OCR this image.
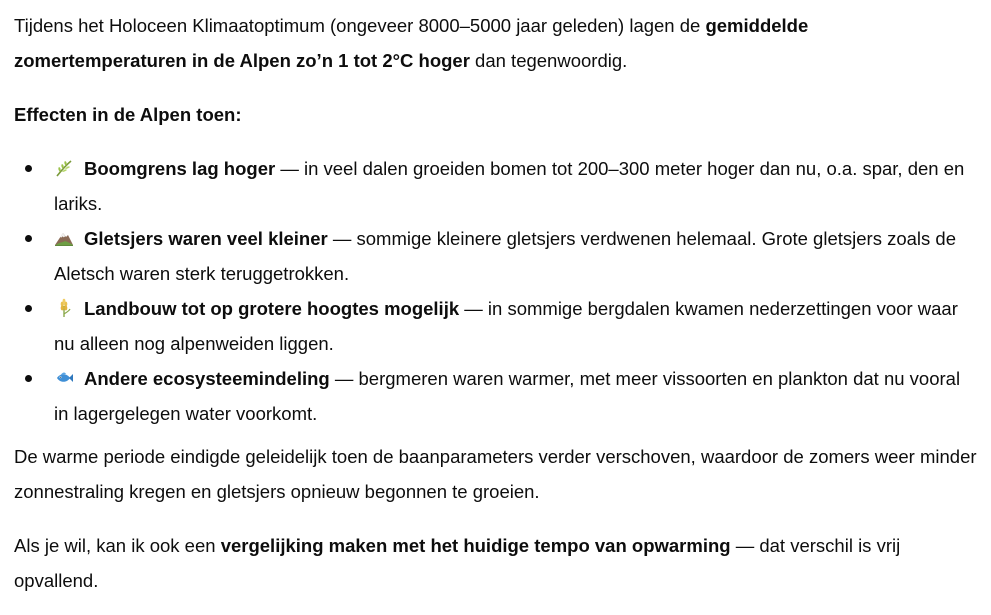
Tijdens het Holoceen Klimaatoptimum (ongeveer 8000–5000 jaar geleden) lagen de gemiddelde zomertemperaturen in de Alpen zo’n 1 tot 2°C hoger dan tegenwoordig.

Effecten in de Alpen toen:

Boomgrens lag hoger — in veel dalen groeiden bomen tot 200–300 meter hoger dan nu, o.a. spar, den en lariks.
Gletsjers waren veel kleiner — sommige kleinere gletsjers verdwenen helemaal. Grote gletsjers zoals de Aletsch waren sterk teruggetrokken.
Landbouw tot op grotere hoogtes mogelijk — in sommige bergdalen kwamen nederzettingen voor waar nu alleen nog alpenweiden liggen.
Andere ecosysteemindeling — bergmeren waren warmer, met meer vissoorten en plankton dat nu vooral in lagergelegen water voorkomt.

De warme periode eindigde geleidelijk toen de baanparameters verder verschoven, waardoor de zomers weer minder zonnestraling kregen en gletsjers opnieuw begonnen te groeien.

Als je wil, kan ik ook een vergelijking maken met het huidige tempo van opwarming — dat verschil is vrij opvallend.
